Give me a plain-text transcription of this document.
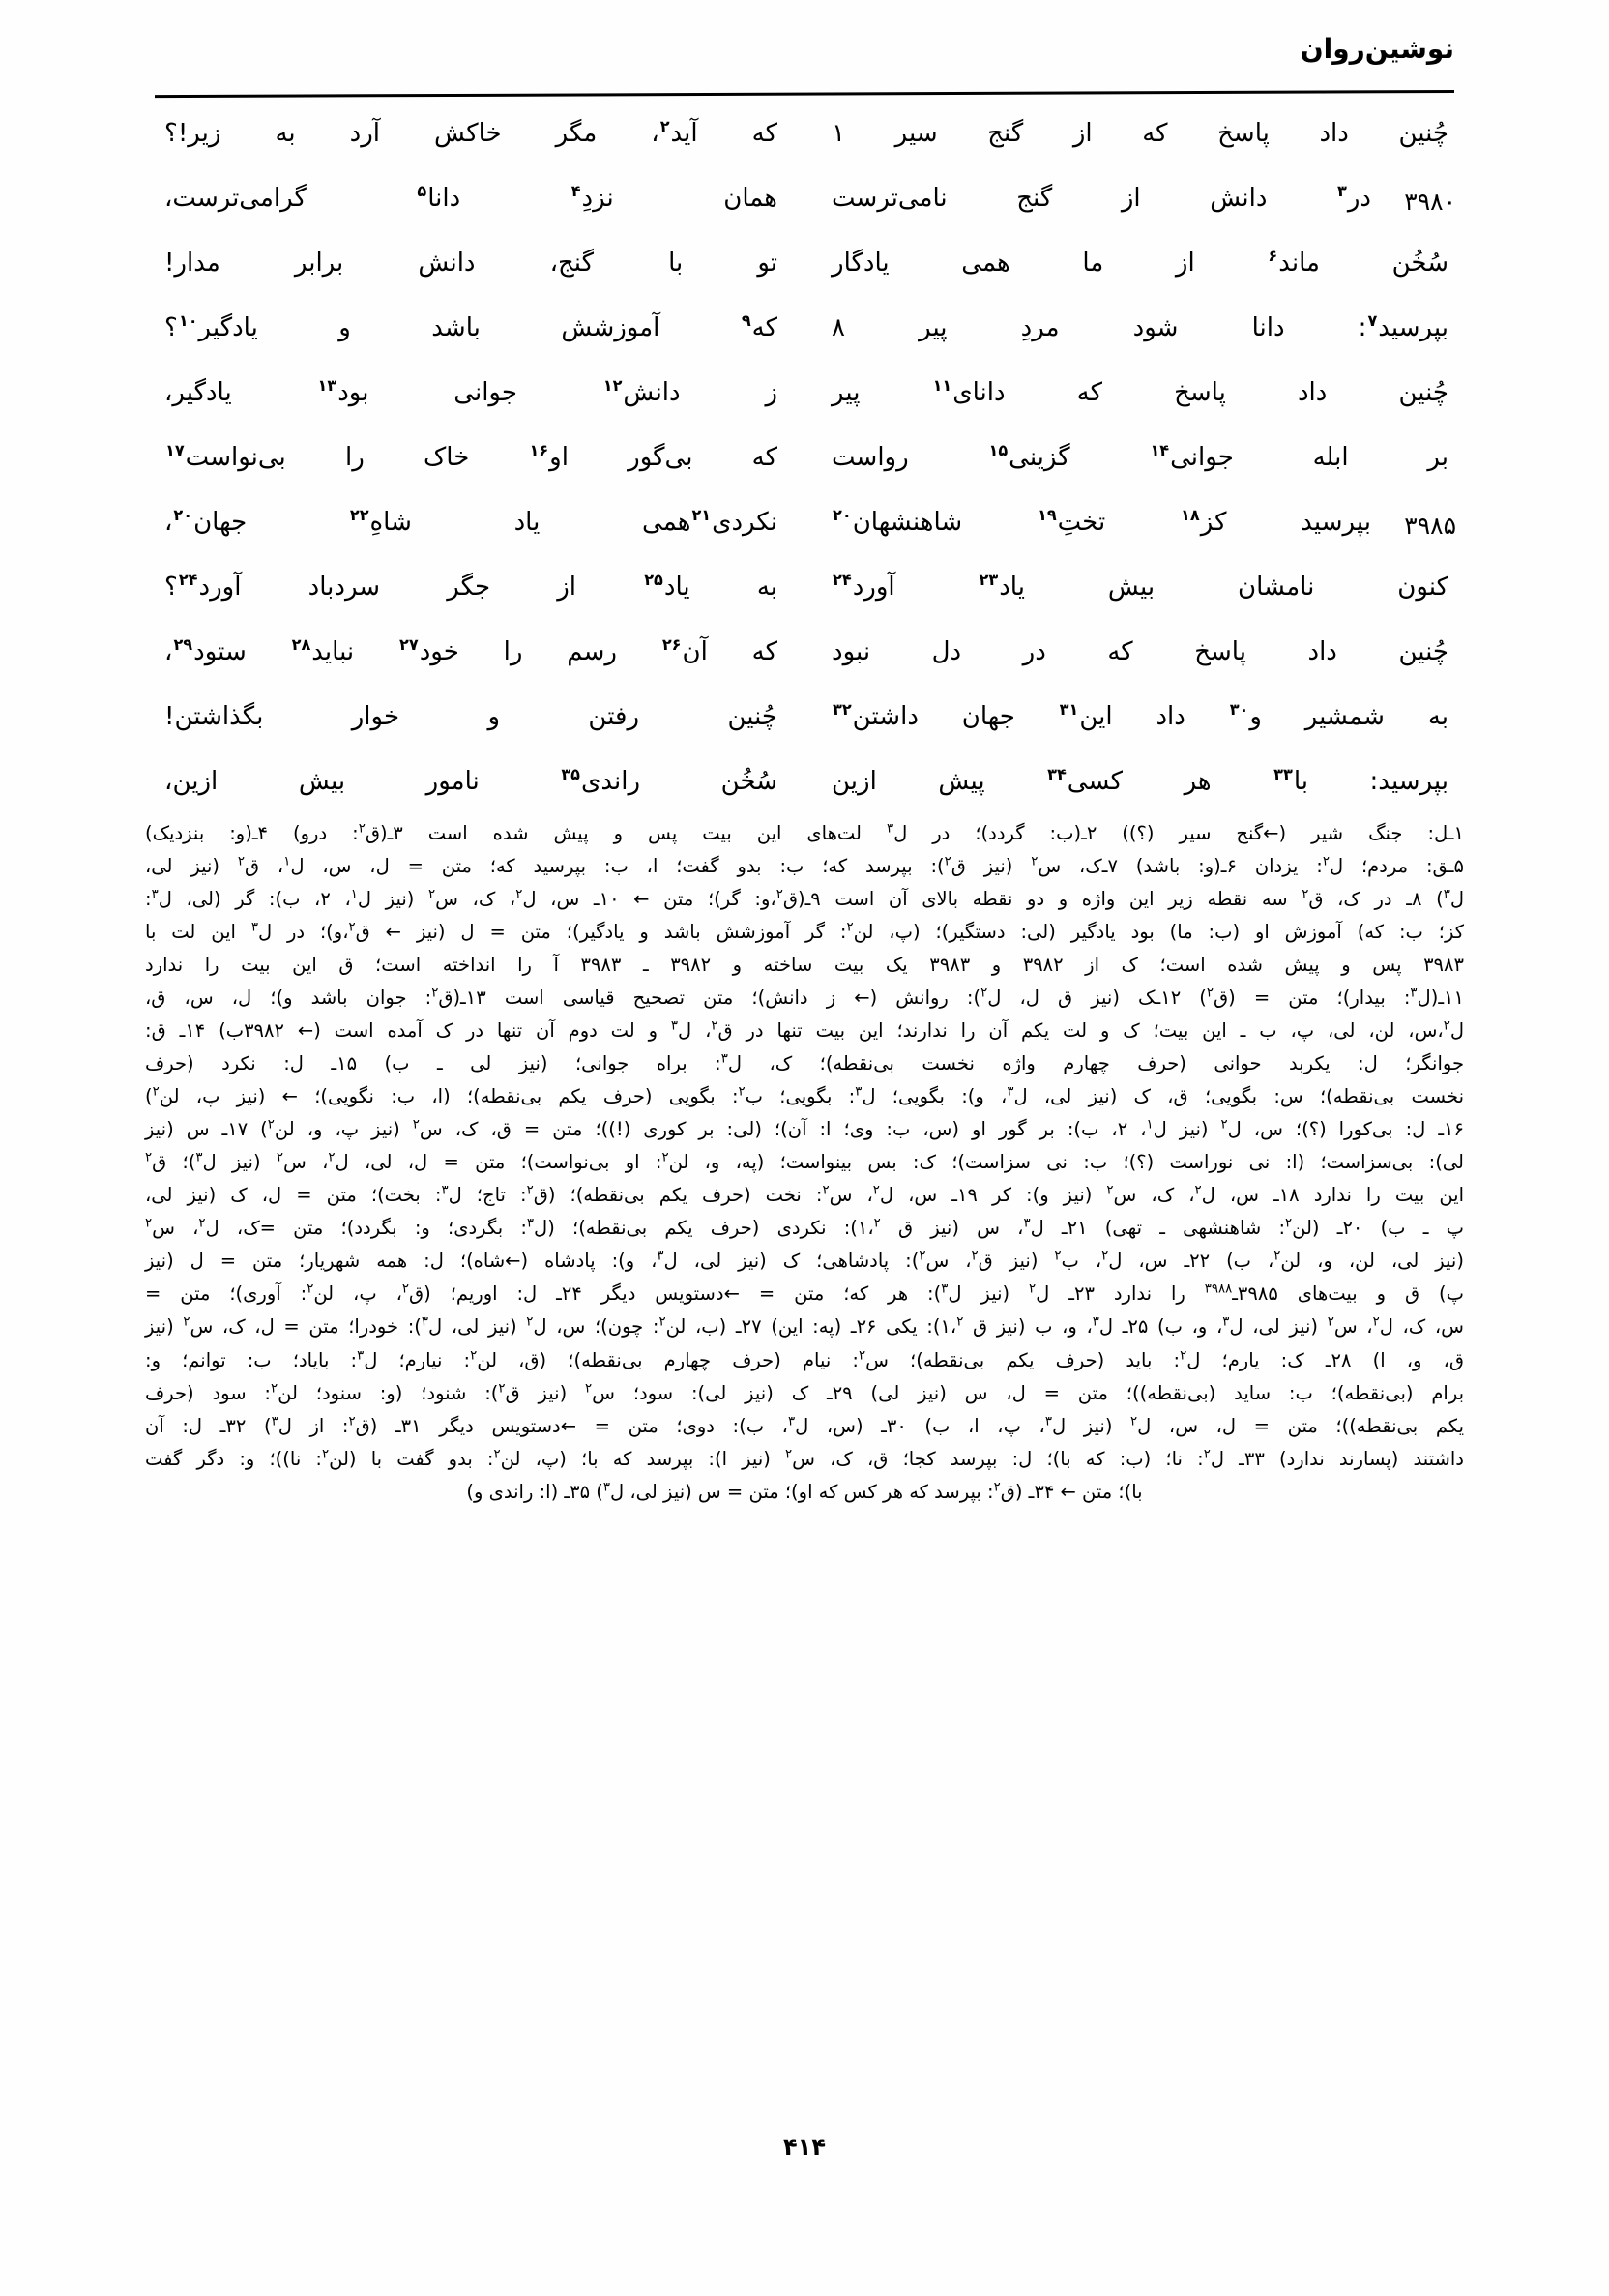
نوشین‌روان
چُنین
داد
پاسخ
که
از
گنج
سیر
۱
که
آید$^۲$،
مگر
خاکش
آرد
به
زیر!؟
در$^۳$
دانش
از
گنج
نامی‌ترست	۳۹۸۰
همان
نزدِ$^۴$
دانا$^۵$
گرامی‌ترست،
سُخُن
ماند$^۶$
از
ما
همی
یادگار
تو
با
گنج،
دانش
برابر
مدار!
بپرسید$^۷$:
دانا
شود
مردِ
پیر
۸
که$^۹$
آموزشش
باشد
و
یادگیر$^{۱۰}$؟
چُنین
داد
پاسخ
که
دانای$^{۱۱}$
پیر
ز
دانش$^{۱۲}$
جوانی
بود$^{۱۳}$
یادگیر،
بر
ابله
جوانی$^{۱۴}$
گزینی$^{۱۵}$
رواست
که
بی‌گور
او$^{۱۶}$
خاک
را
بی‌نواست$^{۱۷}$
بپرسید
کز$^{۱۸}$
تختِ$^{۱۹}$
شاهنشهان$^{۲۰}$	۳۹۸۵
نکردی$^{۲۱}$همی
یاد
شاهِ$^{۲۲}$
جهان$^{۲۰}$،
کنون
نامشان
بیش
یاد$^{۲۳}$
آورد$^{۲۴}$
به
یاد$^{۲۵}$
از
جگر
سردباد
آورد$^{۲۴}$؟
چُنین
داد
پاسخ
که
در
دل
نبود
که
آن$^{۲۶}$
رسم
را
خود$^{۲۷}$
نباید$^{۲۸}$
ستود$^{۲۹}$،
به
شمشیر
و$^{۳۰}$
داد
این$^{۳۱}$
جهان
داشتن$^{۳۲}$
چُنین
رفتن
و
خوار
بگذاشتن!
بپرسید:
با$^{۳۳}$
هر
کسی$^{۳۴}$
پیش
ازین
سُخُن
راندی$^{۳۵}$
نامور
بیش
ازین،

۱ـل: جنگ شیر (←گنج سیر (؟)) ۲ـ(ب: گردد)؛ در ل$^۳$ لت‌های این بیت پس و پیش شده است ۳ـ(ق$^۲$: درو) ۴ـ(و: بنزدیک)

۵ـق: مردم؛ ل$^۲$: یزدان ۶ـ(و: باشد) ۷ـ‌ک، س$^۲$ (نیز ق$^۲$): بپرسد که؛ ب: بدو گفت؛ ا، ب: بپرسید که؛ متن = ل، س، ل$^۱$، ق$^۲$ (نیز لی،

ل$^۳$) ۸ـ در ک، ق$^۲$ سه نقطه زیر این واژه و دو نقطه بالای آن است ۹ـ(ق$^۲$،و: گر)؛ متن ← ۱۰ـ س، ل$^۲$، ک، س$^۲$ (نیز ل$^۱$، ۲، ب): گر (لی، ل$^۳$:

کز؛ ب: که) آموزش او (ب: ما) بود یادگیر (لی: دستگیر)؛ (پ، لن$^۲$: گر آموزشش باشد و یادگیر)؛ متن = ل (نیز ← ق$^۲$،و)؛ در ل$^۳$ این لت با

۳۹۸۳ پس و پیش شده است؛ ک از ۳۹۸۲ و ۳۹۸۳ یک بیت ساخته و ۳۹۸۲ ـ ۳۹۸۳ آ را انداخته است؛ ق این بیت را ندارد

۱۱ـ(ل$^۳$: بیدار)؛ متن = (ق$^۲$) ۱۲ـک (نیز ق ل، ل$^۲$): روانش (← ز دانش)؛ متن تصحیح قیاسی است ۱۳ـ(ق$^۲$: جوان باشد و)؛ ل، س، ق،

ل$^۲$،س، لن، لی، پ، ب ـ این بیت؛ ک و لت یکم آن را ندارند؛ این بیت تنها در ق$^۲$، ل$^۳$ و لت دوم آن تنها در ک آمده است (← ۳۹۸۲ب) ۱۴ـ ق:

جوانگر؛ ل: یکربد حوانی (حرف چهارم واژه نخست بی‌نقطه)؛ ک، ل$^۳$: براه جوانی؛ (نیز لی ـ ب) ۱۵ـ ل: نکرد (حرف

نخست بی‌نقطه)؛ س: بگویی؛ ق، ک (نیز لی، ل$^۳$، و): بگویی؛ ل$^۳$: بگویی؛ ب$^۲$: بگویی (حرف یکم بی‌نقطه)؛ (ا، ب: نگویی)؛ ← (نیز پ، لن$^۲$)

۱۶ـ ل: بی‌کورا (؟)؛ س، ل$^۲$ (نیز ل$^۱$، ۲، ب): بر گور او (س، ب: وی؛ ا: آن)؛ (لی: بر کوری (!))؛ متن = ق، ک، س$^۲$ (نیز پ، و، لن$^۲$) ۱۷ـ س (نیز

لی): بی‌سزاست؛ (ا: نی نوراست (؟)؛ ب: نی سزاست)؛ ک: بس بینواست؛ (په، و، لن$^۲$: او بی‌نواست)؛ متن = ل، لی، ل$^۲$، س$^۲$ (نیز ل$^۳$)؛ ق$^۲$

این بیت را ندارد ۱۸ـ س، ل$^۲$، ک، س$^۲$ (نیز و): کر ۱۹ـ س، ل$^۲$، س$^۲$: نخت (حرف یکم بی‌نقطه)؛ (ق$^۲$: تاج؛ ل$^۳$: بخت)؛ متن = ل، ک (نیز لی،

پ ـ ب) ۲۰ـ (لن$^۲$: شاهنشهی ـ تهی) ۲۱ـ ل$^۳$، س (نیز ق ۱،$^۲$): نکردی (حرف یکم بی‌نقطه)؛ (ل$^۳$: بگردی؛ و: بگردد)؛ متن =ک، ل$^۲$، س$^۲$

(نیز لی، لن، و، لن$^۲$، ب) ۲۲ـ س، ل$^۲$، ب$^۲$ (نیز ق$^۲$، س$^۲$): پادشاهی؛ ک (نیز لی، ل$^۳$، و): پادشاه (←شاه)؛ ل: همه شهریار؛ متن = ل (نیز

پ) ق و بیت‌های ۳۹۸۵ـ$^{۳۹۸۸}$ را ندارد ۲۳ـ ل$^۲$ (نیز ل$^۳$): هر که؛ متن = ←دستویس دیگر ۲۴ـ ل: اوریم؛ (ق$^۲$، پ، لن$^۲$: آوری)؛ متن =

س، ک، ل$^۲$، س$^۲$ (نیز لی، ل$^۳$، و، ب) ۲۵ـ ل$^۳$، و، ب (نیز ق ۱،$^۲$): یکی ۲۶ـ (په: این) ۲۷ـ (ب، لن$^۲$: چون)؛ س، ل$^۲$ (نیز لی، ل$^۳$): خودرا؛ متن = ل، ک، س$^۲$ (نیز

ق، و، ا) ۲۸ـ ک: یارم؛ ل$^۲$: باید (حرف یکم بی‌نقطه)؛ س$^۲$: نیام (حرف چهارم بی‌نقطه)؛ (ق، لن$^۲$: نیارم؛ ل$^۳$: بایاد؛ ب: توانم؛ و:

برام (بی‌نقطه)؛ ب: ساید (بی‌نقطه))؛ متن = ل، س (نیز لی) ۲۹ـ ک (نیز لی): سود؛ س$^۲$ (نیز ق$^۲$): شنود؛ (و: سنود؛ لن$^۲$: سود (حرف

یکم بی‌نقطه))؛ متن = ل، س، ل$^۲$ (نیز ل$^۳$، پ، ا، ب) ۳۰ـ (س، ل$^۳$، ب): دوی؛ متن = ←دستویس دیگر ۳۱ـ (ق$^۲$: از ل$^۳$) ۳۲ـ ل: آن

داشتند (پسارند ندارد) ۳۳ـ ل$^۲$: نا؛ (ب: که با)؛ ل: بپرسد کجا؛ ق، ک، س$^۲$ (نیز ا): بپرسد که با؛ (پ، لن$^۲$: بدو گفت با (لن$^۲$: نا))؛ و: دگر گفت

با)؛ متن ← ۳۴ـ (ق$^۲$: بپرسد که هر کس که او)؛ متن = س (نیز لی، ل$^۳$) ۳۵ـ (ا: راندی و)

۴۱۴
